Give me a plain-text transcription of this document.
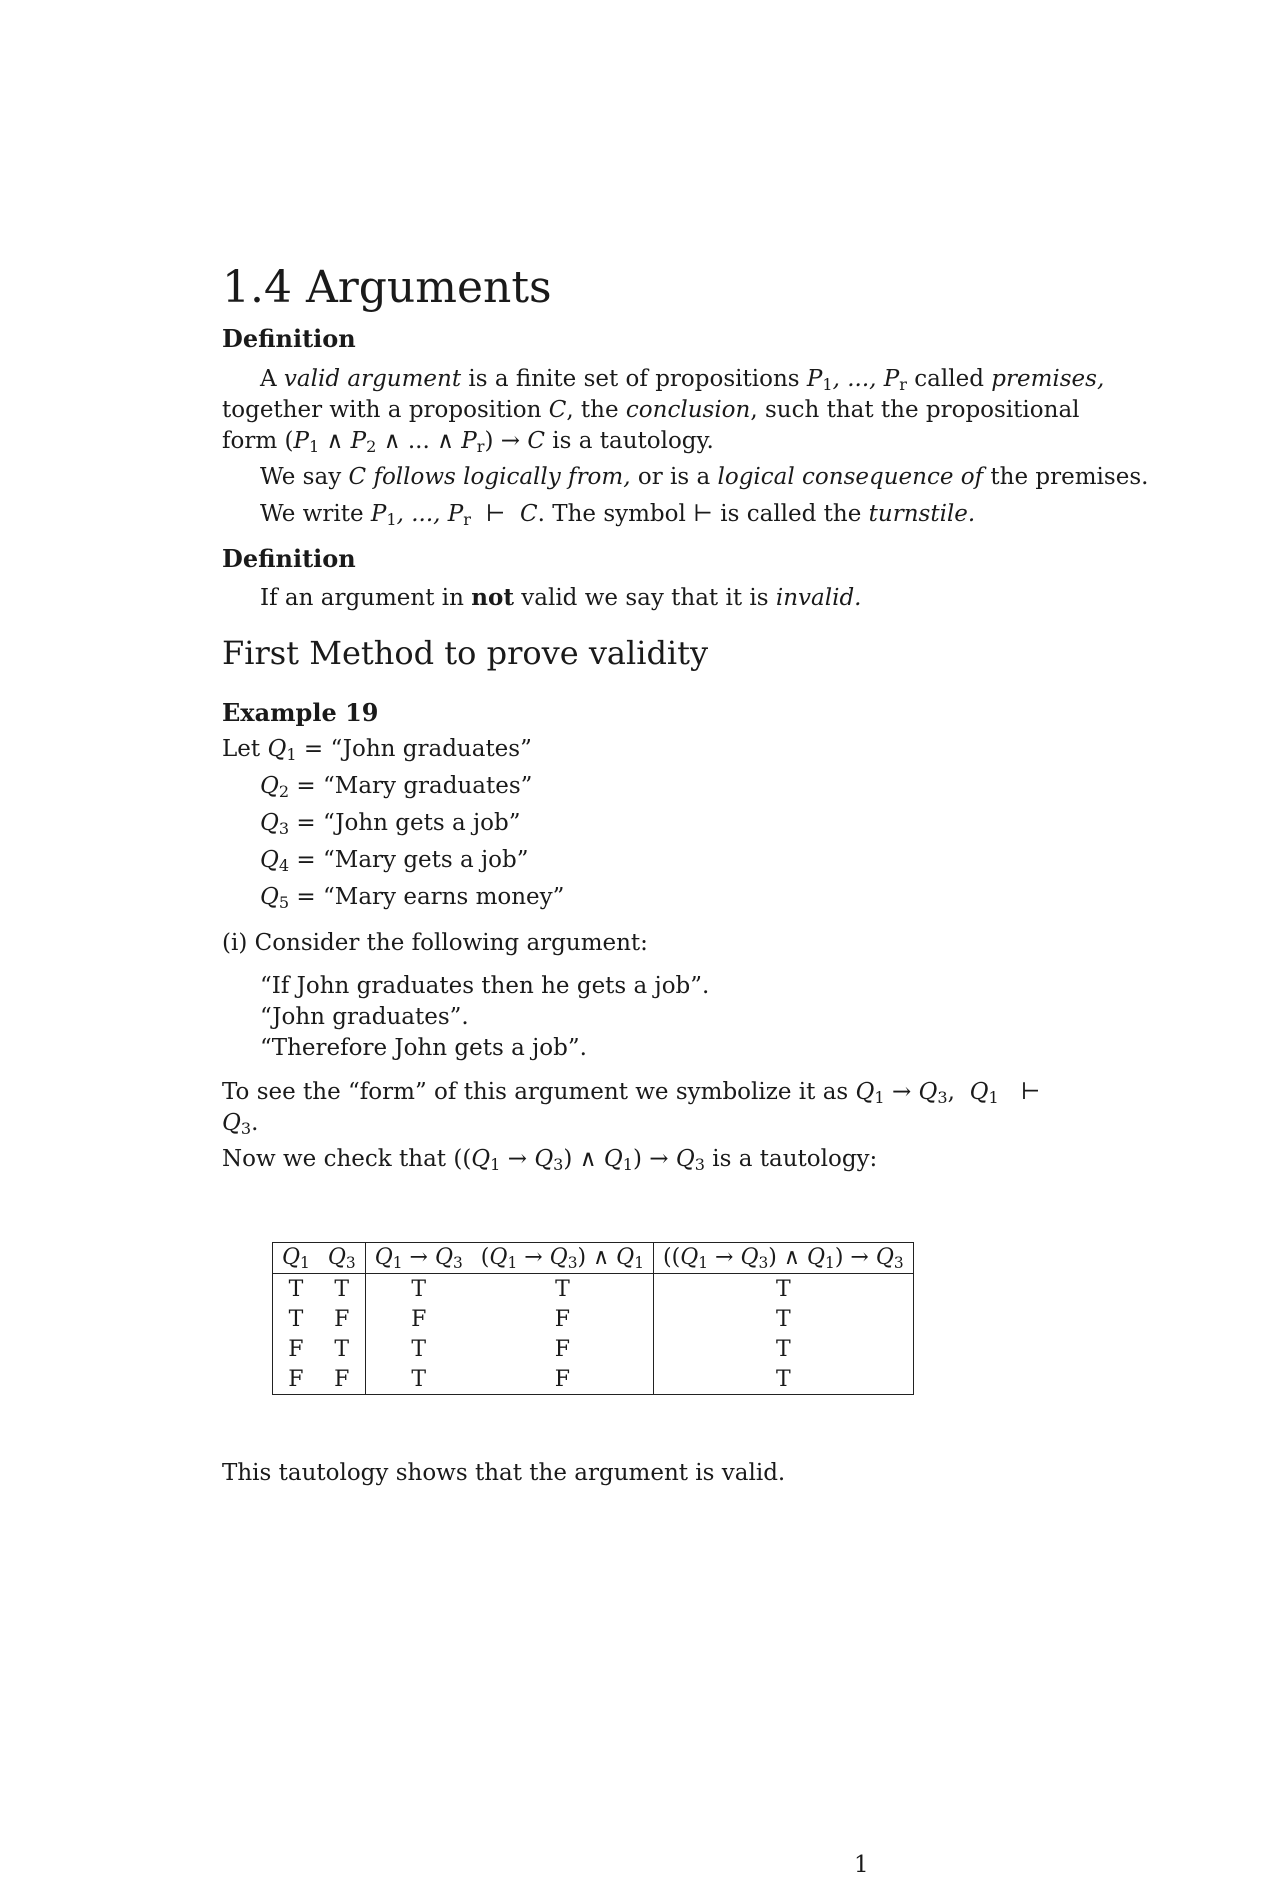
1.4 Arguments
Definition
A valid argument is a finite set of propositions $P_1$, ..., $P_r$ called premises,
together with a proposition C, the conclusion, such that the propositional
form ($P_1$ ∧ $P_2$ ∧ ... ∧ $P_r) \to C$ is a tautology.
We say C follows logically from, or is a logical consequence of the premises.
We write $P_1$, ..., $P_r$  ⊢  C. The symbol ⊢ is called the turnstile.
Definition
If an argument in not valid we say that it is invalid.
First Method to prove validity
Example 19
Let $Q_1$ = “John graduates”
$Q_2$ = “Mary graduates”
$Q_3$ = “John gets a job”
$Q_4$ = “Mary gets a job”
$Q_5$ = “Mary earns money”
(i) Consider the following argument:
“If John graduates then he gets a job”.
“John graduates”.
“Therefore John gets a job”.
To see the “form” of this argument we symbolize it as $Q_1 \to Q_3$,  $Q_1$   ⊢
$Q_3$.
Now we check that ($(Q_1 \to Q_3)$ ∧ $Q_1) \to Q_3$ is a tautology:
$Q_1$	$Q_3$	$Q_1 \to Q_3$	$(Q_1 \to Q_3)$ ∧ $Q_1$	($(Q_1 \to Q_3)$ ∧ $Q_1) \to Q_3$
T	T	T	T	T
T	F	F	F	T
F	T	T	F	T
F	F	T	F	T
This tautology shows that the argument is valid.
1
